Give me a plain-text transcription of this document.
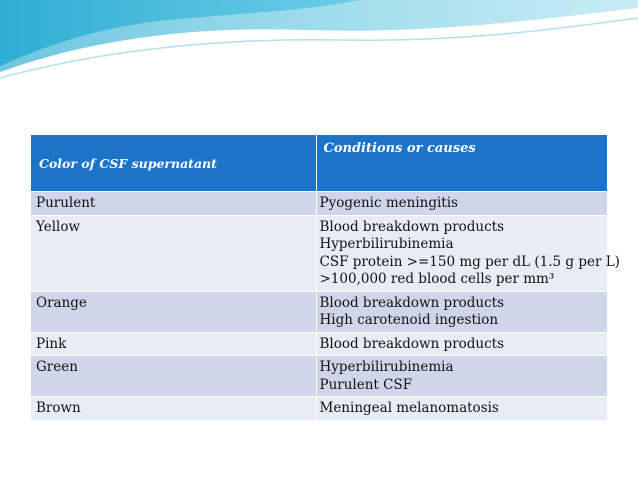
Color of CSF supernatant	Conditions or causes
Purulent	Pyogenic meningitis

Yellow	Blood breakdown products
Hyperbilirubinemia
CSF protein >=150 mg per dL (1.5 g per L)
>100,000 red blood cells per mm³

Orange	Blood breakdown products
High carotenoid ingestion

Pink	Blood breakdown products

Green	Hyperbilirubinemia
Purulent CSF

Brown	Meningeal melanomatosis
